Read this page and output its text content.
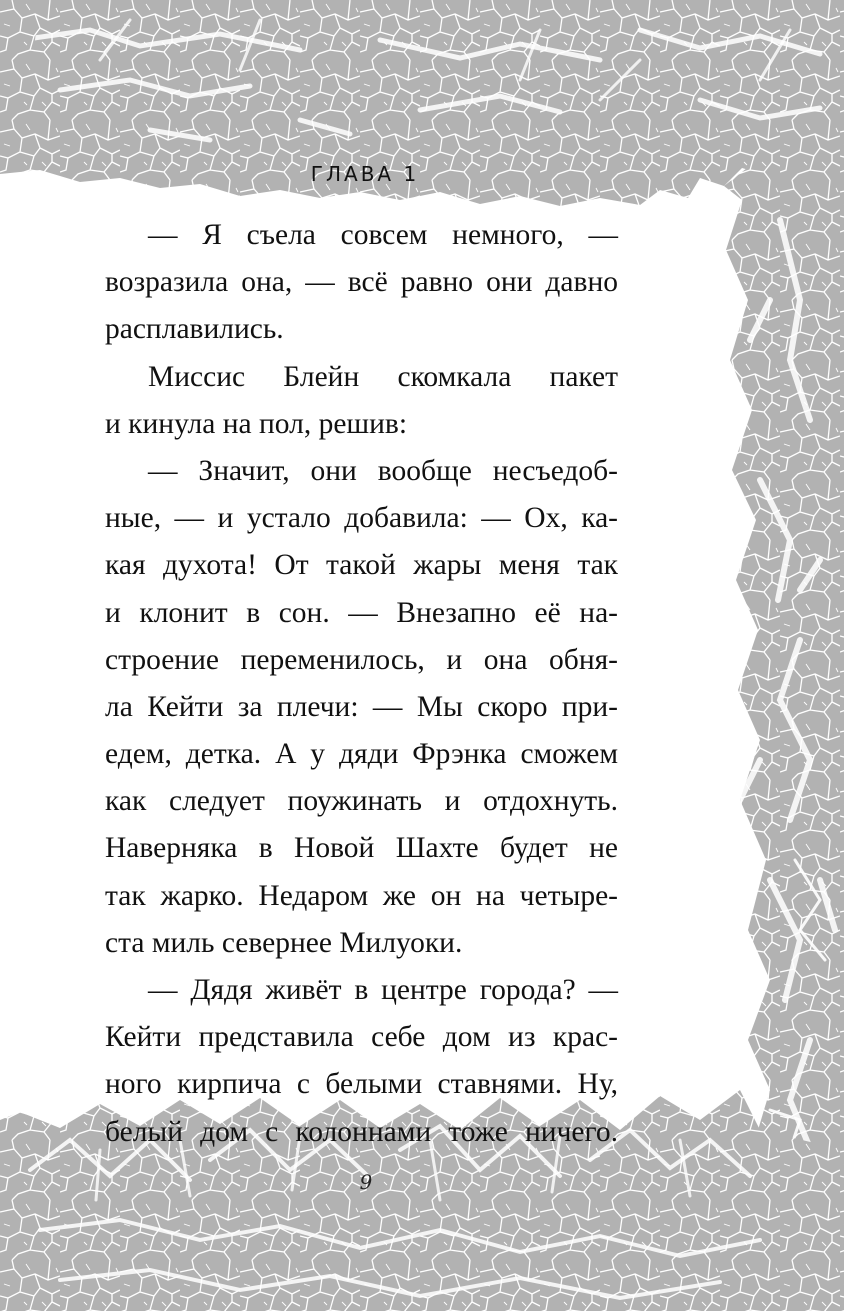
ГЛАВА 1
— Я съела совсем немного, —
возразила она, — всё равно они давно
расплавились.
Миссис Блейн скомкала пакет
и кинула на пол, решив:
— Значит, они вообще несъедоб-
ные, — и устало добавила: — Ох, ка-
кая духота! От такой жары меня так
и клонит в сон. — Внезапно её на-
строение переменилось, и она обня-
ла Кейти за плечи: — Мы скоро при-
едем, детка. А у дяди Фрэнка сможем
как следует поужинать и отдохнуть.
Наверняка в Новой Шахте будет не
так жарко. Недаром же он на четыре-
ста миль севернее Милуоки.
— Дядя живёт в центре города? —
Кейти представила себе дом из крас-
ного кирпича с белыми ставнями. Ну,
белый дом с колоннами тоже ничего.
9
